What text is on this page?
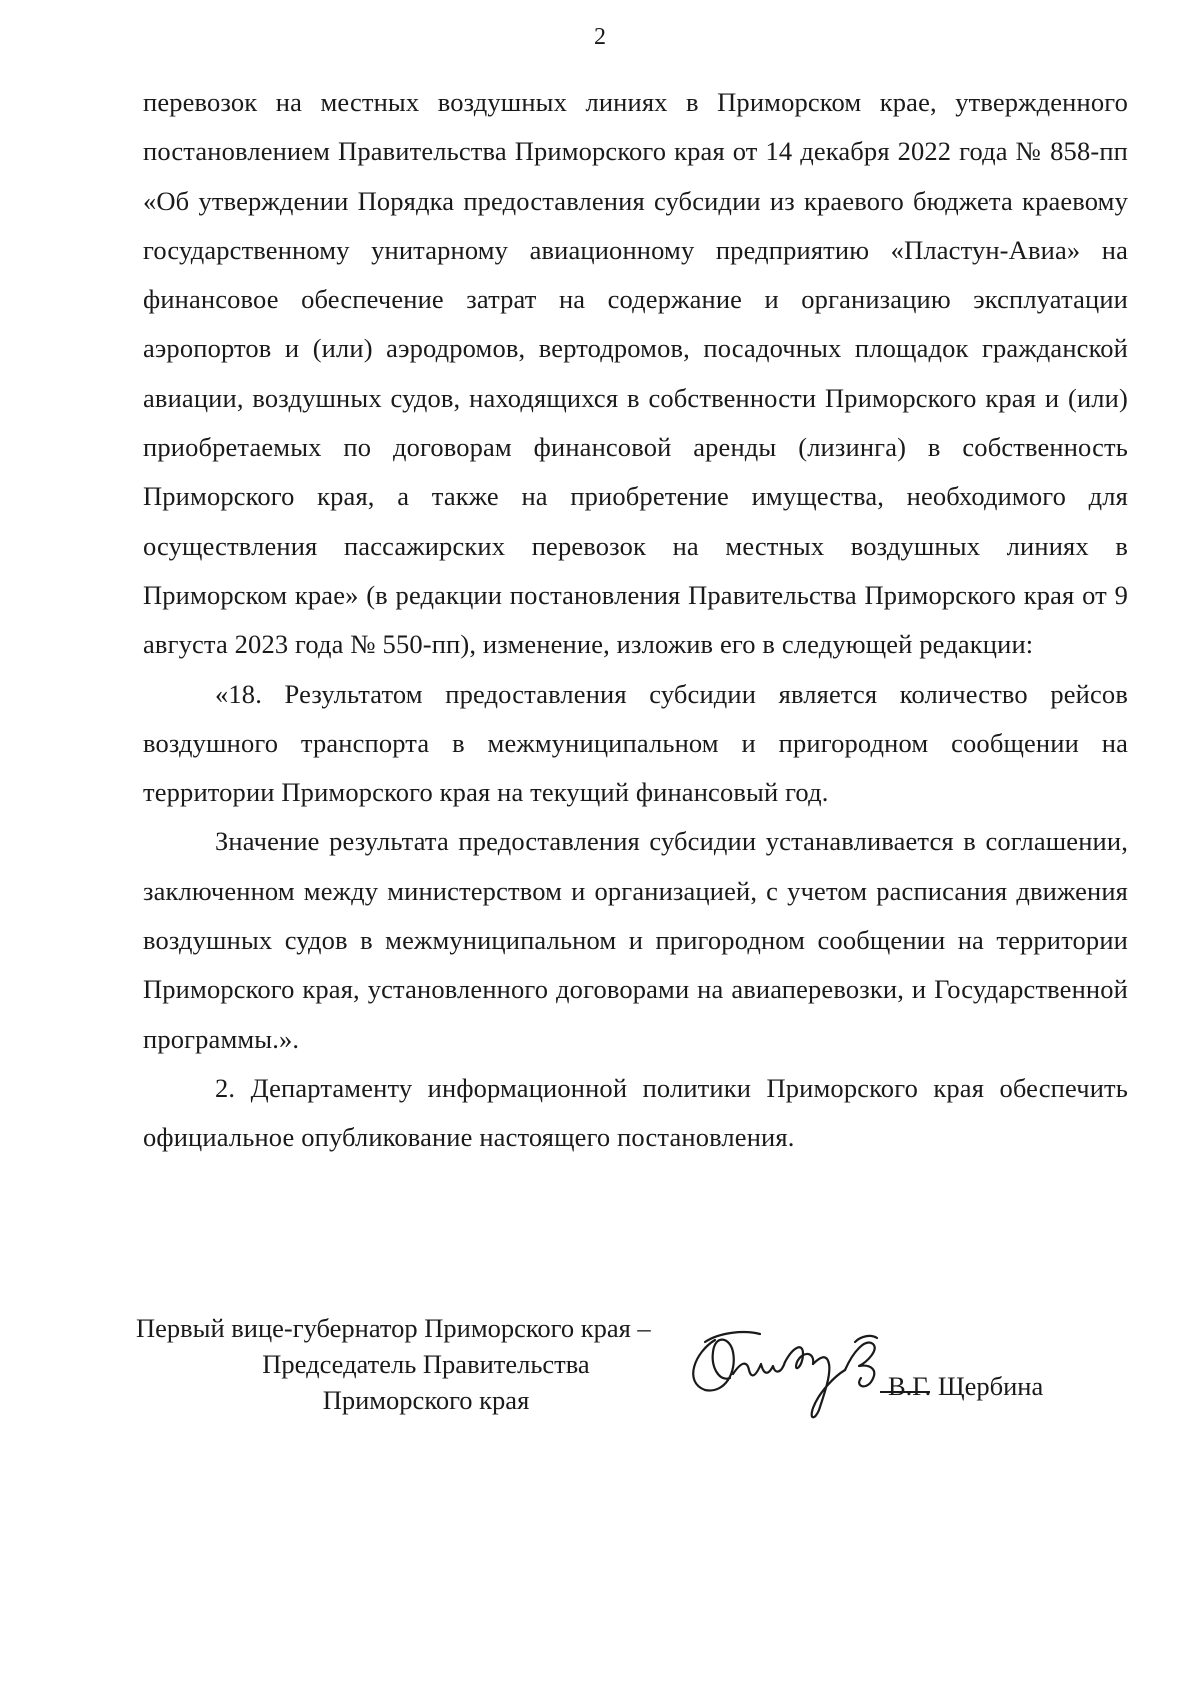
2

перевозок на местных воздушных линиях в Приморском крае, утвержденного постановлением Правительства Приморского края от 14 декабря 2022 года № 858-пп «Об утверждении Порядка предоставления субсидии из краевого бюджета краевому государственному унитарному авиационному предприятию «Пластун-Авиа» на финансовое обеспечение затрат на содержание и организацию эксплуатации аэропортов и (или) аэродромов, вертодромов, посадочных площадок гражданской авиации, воздушных судов, находящихся в собственности Приморского края и (или) приобретаемых по договорам финансовой аренды (лизинга) в собственность Приморского края, а также на приобретение имущества, необходимого для осуществления пассажирских перевозок на местных воздушных линиях в Приморском крае» (в редакции постановления Правительства Приморского края от 9 августа 2023 года № 550-пп), изменение, изложив его в следующей редакции:

«18. Результатом предоставления субсидии является количество рейсов воздушного транспорта в межмуниципальном и пригородном сообщении на территории Приморского края на текущий финансовый год.

Значение результата предоставления субсидии устанавливается в соглашении, заключенном между министерством и организацией, с учетом расписания движения воздушных судов в межмуниципальном и пригородном сообщении на территории Приморского края, установленного договорами на авиаперевозки, и Государственной программы.».

2. Департаменту информационной политики Приморского края обеспечить официальное опубликование настоящего постановления.

Первый вице-губернатор Приморского края –
Председатель Правительства
Приморского края	В.Г. Щербина
